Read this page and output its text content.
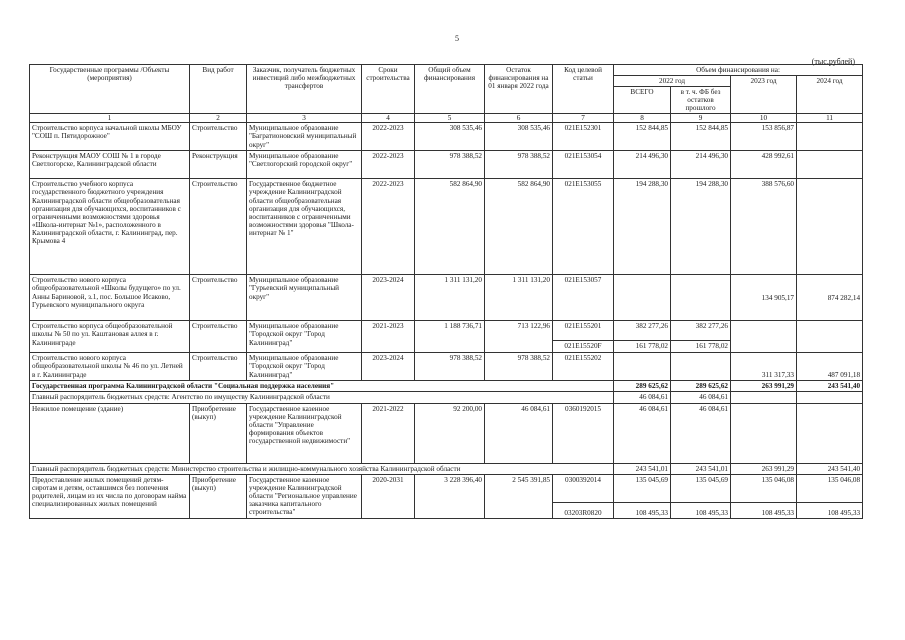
5
(тыс.рублей)
Государственные программы /Объекты (мероприятия)	Вид работ	Заказчик, получатель бюджетных инвестиций либо межбюджетных трансфертов	Сроки строительства	Общий объем финансирования	Остаток финансирования на 01 января 2022 года	Код целевой статьи	Объем финансирования на:			
							2022 год		2023 год	2024 год
							ВСЕГО	в т. ч. ФБ без остатков прошлого		
1	2	3	4	5	6	7	8	9	10	11
Строительство корпуса начальной школы МБОУ "СОШ п. Пятидорожное"	Строительство	Муниципальное образование "Багратионовский муниципальный округ"	2022-2023	308 535,46	308 535,46	021E152301	152 844,85	152 844,85	153 856,87	
Реконструкция МАОУ СОШ № 1 в городе Светлогорске, Калининградской области	Реконструкция	Муниципальное образование "Светлогорский городской округ"	2022-2023	978 388,52	978 388,52	021E153054	214 496,30	214 496,30	428 992,61	
Строительство учебного корпуса государственного бюджетного учреждения Калининградской области общеобразовательная организация для обучающихся, воспитанников с ограниченными возможностями здоровья «Школа-интернат №1», расположенного в Калининградской области, г. Калининград, пер. Крымова 4	Строительство	Государственное бюджетное учреждение Калининградской области общеобразовательная организация для обучающихся, воспитанников с ограниченными возможностями здоровья "Школа-интернат № 1"	2022-2023	582 864,90	582 864,90	021E153055	194 288,30	194 288,30	388 576,60	
Строительство нового корпуса общеобразовательной «Школы будущего» по ул. Анны Бариновой, з.1, пос. Большое Исаково, Гурьевского муниципального округа	Строительство	Муниципальное образование "Гурьевский муниципальный округ"	2023-2024	1 311 131,20	1 311 131,20	021E153057			134 905,17	874 282,14
Строительство корпуса общеобразовательной школы № 50 по ул. Каштановая аллея в г. Калининграде	Строительство	Муниципальное образование "Городской округ "Город Калининград"	2021-2023	1 188 736,71	713 122,96	021E155201	382 277,26	382 277,26		
						021E15520F	161 778,02	161 778,02		
Строительство нового корпуса общеобразовательной школы № 46 по ул. Летней в г. Калининграде	Строительство	Муниципальное образование "Городской округ "Город Калининград"	2023-2024	978 388,52	978 388,52	021E155202			311 317,33	487 091,18
Государственная программа Калининградской области "Социальная поддержка населения"							289 625,62	289 625,62	263 991,29	243 541,40
Главный распорядитель бюджетных средств: Агентство по имуществу Калининградской области							46 084,61	46 084,61		
Нежилое помещение (здание)	Приобретение (выкуп)	Государственное казенное учреждение Калининградской области "Управление формирования объектов государственной недвижимости"	2021-2022	92 200,00	46 084,61	0360192015	46 084,61	46 084,61		
Главный распорядитель бюджетных средств: Министерство строительства и жилищно-коммунального хозяйства Калининградской области							243 541,01	243 541,01	263 991,29	243 541,40
Предоставление жилых помещений детям-сиротам и детям, оставшимся без попечения родителей, лицам из их числа по договорам найма специализированных жилых помещений	Приобретение (выкуп)	Государственное казенное учреждение Калининградской области "Региональное управление заказчика капитального строительства"	2020-2031	3 228 396,40	2 545 391,85	0300392014	135 045,69	135 045,69	135 046,08	135 046,08
						03203R0820	108 495,33	108 495,33	108 495,33	108 495,33
